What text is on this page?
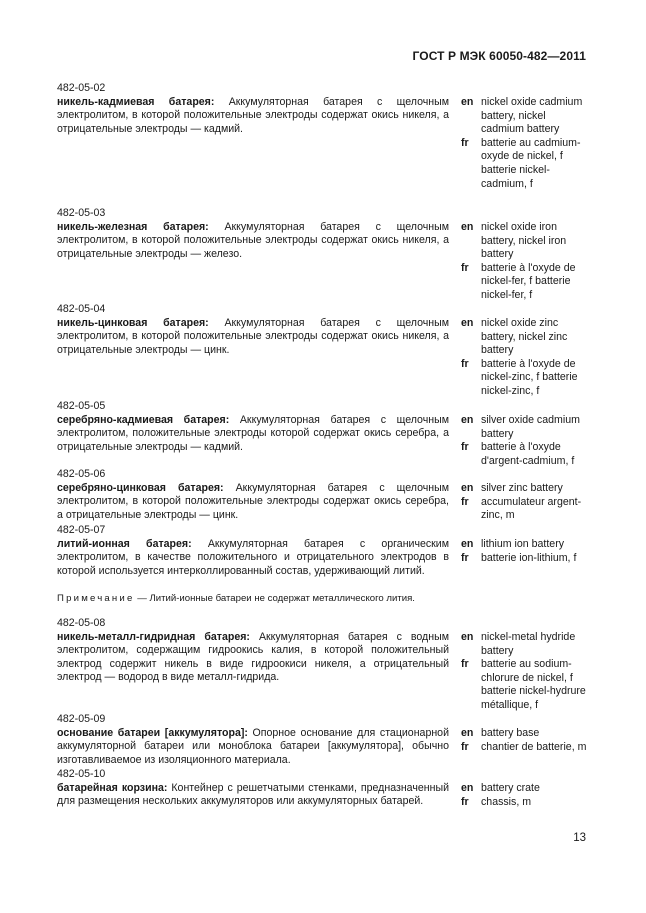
ГОСТ Р МЭК 60050-482—2011
482-05-02
никель-кадмиевая батарея: Аккумуляторная батарея с щелочным электролитом, в которой положительные электроды содержат окись никеля, а отрицательные электроды — кадмий.
en nickel oxide cadmium battery, nickel cadmium battery
fr	batterie au cadmium-oxyde de nickel, f batterie nickel-cadmium, f
482-05-03
никель-железная батарея: Аккумуляторная батарея с щелочным электролитом, в которой положительные электроды содержат окись никеля, а отрицательные электроды — железо.
en nickel oxide iron battery, nickel iron battery
fr	batterie à l'oxyde de nickel-fer, f batterie nickel-fer, f
482-05-04
никель-цинковая батарея: Аккумуляторная батарея с щелочным электролитом, в которой положительные электроды содержат окись никеля, а отрицательные электроды — цинк.
en nickel oxide zinc battery, nickel zinc battery
fr	batterie à l'oxyde de nickel-zinc, f batterie nickel-zinc, f
482-05-05
серебряно-кадмиевая батарея: Аккумуляторная батарея с щелочным электролитом, положительные электроды которой содержат окись серебра, а отрицательные электроды — кадмий.
en silver oxide cadmium battery
fr	batterie à l'oxyde d'argent-cadmium, f
482-05-06
серебряно-цинковая батарея: Аккумуляторная батарея с щелочным электролитом, в которой положительные электроды содержат окись серебра, а отрицательные электроды — цинк.
en silver zinc battery
fr	accumulateur argent-zinc, m
482-05-07
литий-ионная батарея: Аккумуляторная батарея с органическим электролитом, в качестве положительного и отрицательного электродов в которой используется интерколлированный состав, удерживающий литий.
en lithium ion battery
fr	batterie ion-lithium, f
Примечание — Литий-ионные батареи не содержат металлического лития.
482-05-08
никель-металл-гидридная батарея: Аккумуляторная батарея с водным электролитом, содержащим гидроокись калия, в которой положительный электрод содержит никель в виде гидроокиси никеля, а отрицательный электрод — водород в виде металл-гидрида.
en nickel-metal hydride battery
fr	batterie au sodium-chlorure de nickel, f batterie nickel-hydrure métallique, f
482-05-09
основание батареи [аккумулятора]: Опорное основание для стационарной аккумуляторной батареи или моноблока батареи [аккумулятора], обычно изготавливаемое из изоляционного материала.
en battery base
fr	chantier de batterie, m
482-05-10
батарейная корзина: Контейнер с решетчатыми стенками, предназначенный для размещения нескольких аккумуляторов или аккумуляторных батарей.
en battery crate
fr	chassis, m
13
